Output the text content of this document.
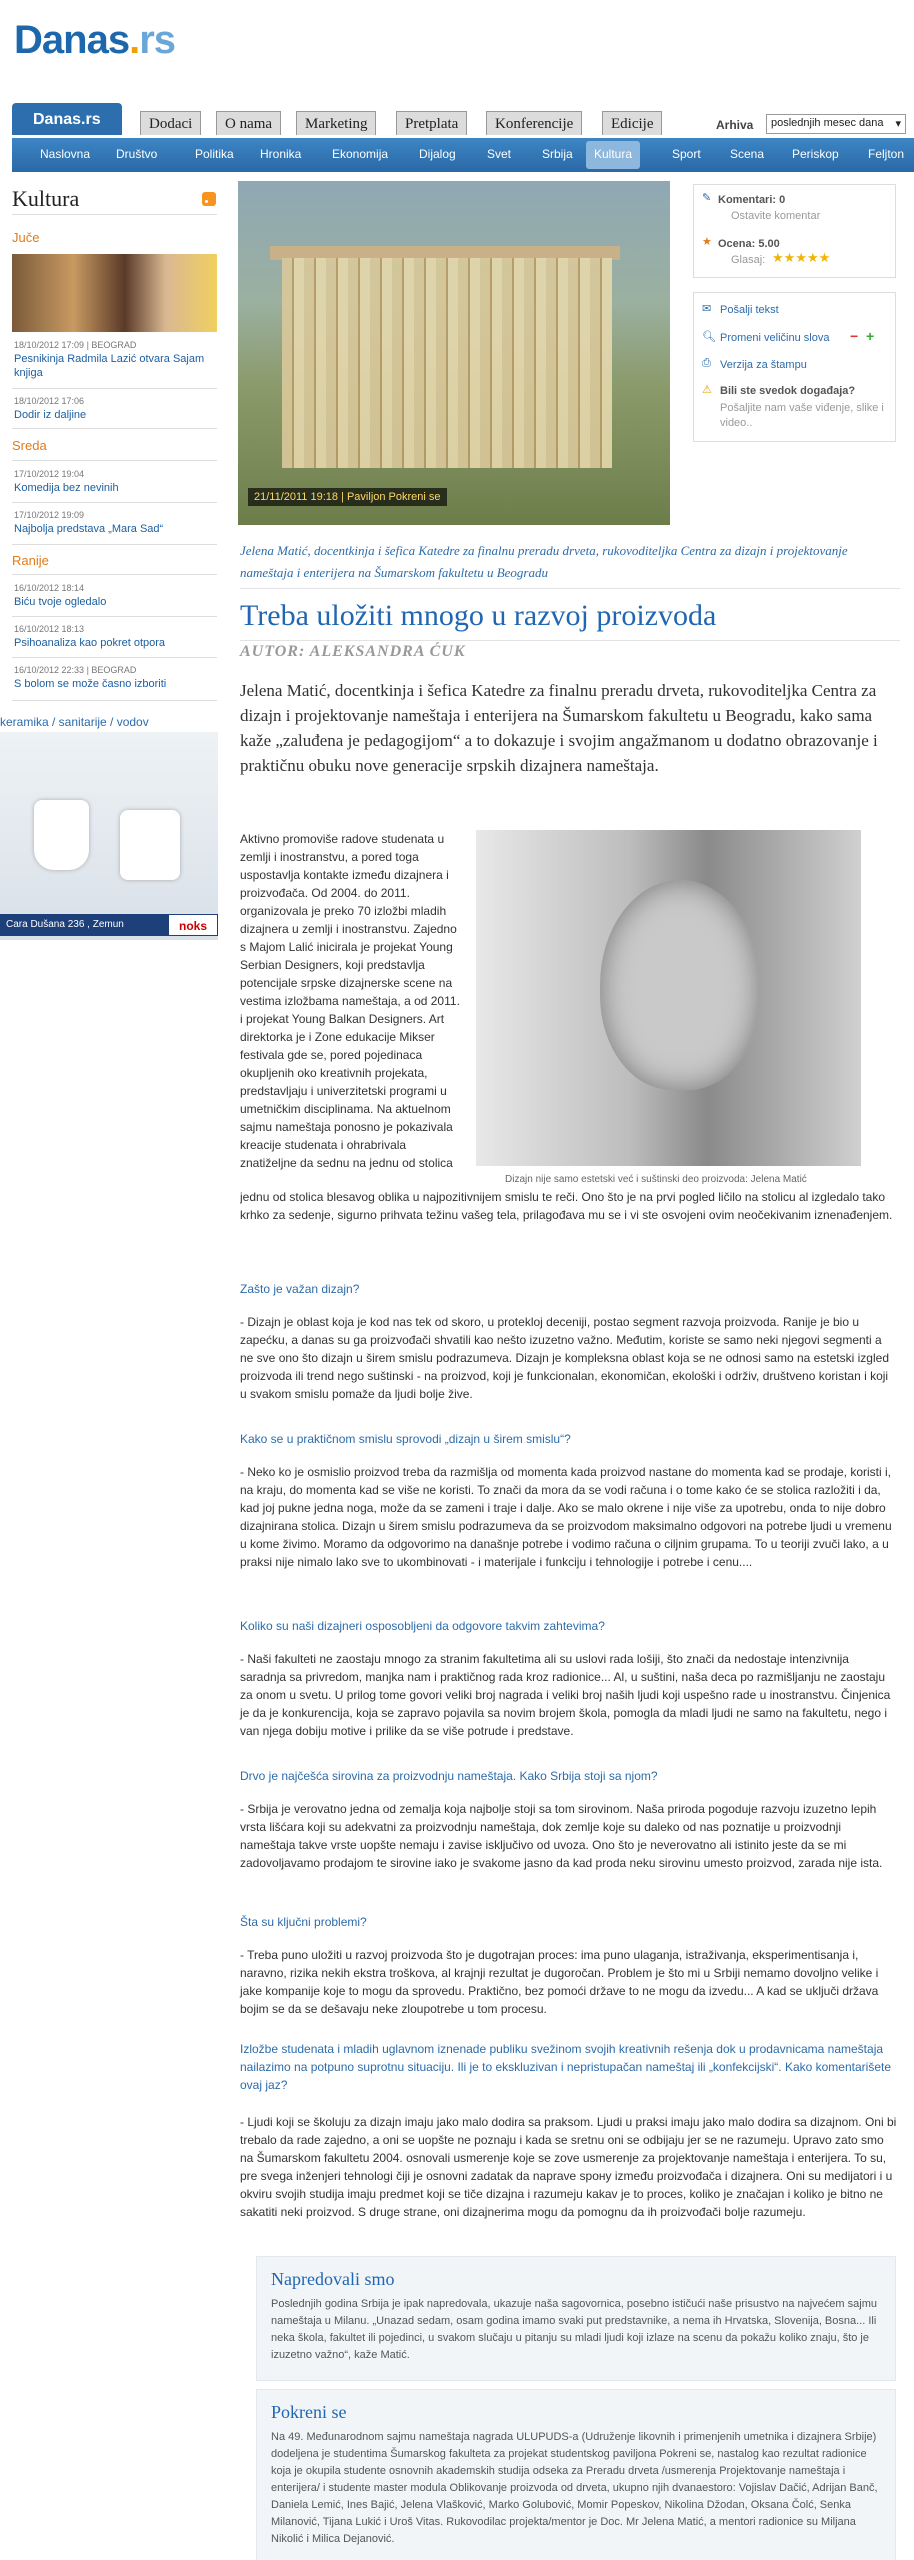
Danas.rs
Danas.rs	Dodaci	O nama	Marketing	Pretplata	Konferencije	Edicije	Arhiva	poslednjih mesec dana ▾
Naslovna Društvo	Politika Hronika	Ekonomija	Dijalog	Svet	Srbija	Kultura	Sport Scena Periskop Feljton
Kultura
Juče
18/10/2012 17:09 | BEOGRAD
Pesnikinja Radmila Lazić otvara Sajam knjiga
18/10/2012 17:06
Dodir iz daljine
Sreda
17/10/2012 19:04
Komedija bez nevinih
17/10/2012 19:09
Najbolja predstava „Mara Sad“
Ranije
16/10/2012 18:14
Biću tvoje ogledalo
16/10/2012 18:13
Psihoanaliza kao pokret otpora
16/10/2012 22:33 | BEOGRAD
S bolom se može časno izboriti
keramika / sanitarije / vodov
Cara Dušana 236 , Zemun	noks
21/11/2011 19:18 | Paviljon Pokreni se
✎ Komentari: 0
Ostavite komentar
★ Ocena: 5.00
Glasaj: ★★★★★
✉ Pošalji tekst
🔍︎ Promeni veličinu slova − +
⎙ Verzija za štampu
⚠ Bili ste svedok događaja?
Pošaljite nam vaše viđenje, slike i video..
Jelena Matić, docentkinja i šefica Katedre za finalnu preradu drveta, rukovoditeljka Centra za dizajn i projektovanje nameštaja i enterijera na Šumarskom fakultetu u Beogradu
Treba uložiti mnogo u razvoj proizvoda
AUTOR: ALEKSANDRA ĆUK
Jelena Matić, docentkinja i šefica Katedre za finalnu preradu drveta, rukovoditeljka Centra za dizajn i projektovanje nameštaja i enterijera na Šumarskom fakultetu u Beogradu, kako sama kaže „zaluđena je pedagogijom“ a to dokazuje i svojim angažmanom u dodatno obrazovanje i praktičnu obuku nove generacije srpskih dizajnera nameštaja.
Dizajn nije samo estetski već i suštinski deo proizvoda: Jelena Matić
Aktivno promoviše radove studenata u zemlji i inostranstvu, a pored toga uspostavlja kontakte između dizajnera i proizvođača. Od 2004. do 2011. organizovala je preko 70 izložbi mladih dizajnera u zemlji i inostranstvu. Zajedno s Majom Lalić inicirala je projekat Young Serbian Designers, koji predstavlja potencijale srpske dizajnerske scene na vestima izložbama nameštaja, a od 2011. i projekat Young Balkan Designers. Art direktorka je i Zone edukacije Mikser festivala gde se, pored pojedinaca okupljenih oko kreativnih projekata, predstavljaju i univerzitetski programi u umetničkim disciplinama. Na aktuelnom sajmu nameštaja ponosno je pokazivala kreacije studenata i ohrabrivala znatiželjne da sednu na jednu od stolica
jednu od stolica blesavog oblika u najpozitivnijem smislu te reči. Ono što je na prvi pogled ličilo na stolicu al izgledalo tako krhko za sedenje, sigurno prihvata težinu vašeg tela, prilagođava mu se i vi ste osvojeni ovim neočekivanim iznenađenjem.
Zašto je važan dizajn?
- Dizajn je oblast koja je kod nas tek od skoro, u protekloj deceniji, postao segment razvoja proizvoda. Ranije je bio u zapećku, a danas su ga proizvođači shvatili kao nešto izuzetno važno. Međutim, koriste se samo neki njegovi segmenti a ne sve ono što dizajn u širem smislu podrazumeva. Dizajn je kompleksna oblast koja se ne odnosi samo na estetski izgled proizvoda ili trend nego suštinski - na proizvod, koji je funkcionalan, ekonomičan, ekološki i održiv, društveno koristan i koji u svakom smislu pomaže da ljudi bolje žive.
Kako se u praktičnom smislu sprovodi „dizajn u širem smislu“?
- Neko ko je osmislio proizvod treba da razmišlja od momenta kada proizvod nastane do momenta kad se prodaje, koristi i, na kraju, do momenta kad se više ne koristi. To znači da mora da se vodi računa i o tome kako će se stolica razložiti i da, kad joj pukne jedna noga, može da se zameni i traje i dalje. Ako se malo okrene i nije više za upotrebu, onda to nije dobro dizajnirana stolica. Dizajn u širem smislu podrazumeva da se proizvodom maksimalno odgovori na potrebe ljudi u vremenu u kome živimo. Moramo da odgovorimo na današnje potrebe i vodimo računa o ciljnim grupama. To u teoriji zvuči lako, a u praksi nije nimalo lako sve to ukombinovati - i materijale i funkciju i tehnologije i potrebe i cenu....
Koliko su naši dizajneri osposobljeni da odgovore takvim zahtevima?
- Naši fakulteti ne zaostaju mnogo za stranim fakultetima ali su uslovi rada lošiji, što znači da nedostaje intenzivnija saradnja sa privredom, manjka nam i praktičnog rada kroz radionice... Al, u suštini, naša deca po razmišljanju ne zaostaju za onom u svetu. U prilog tome govori veliki broj nagrada i veliki broj naših ljudi koji uspešno rade u inostranstvu. Činjenica je da je konkurencija, koja se zapravo pojavila sa novim brojem škola, pomogla da mladi ljudi ne samo na fakultetu, nego i van njega dobiju motive i prilike da se više potrude i predstave.
Drvo je najčešća sirovina za proizvodnju nameštaja. Kako Srbija stoji sa njom?
- Srbija je verovatno jedna od zemalja koja najbolje stoji sa tom sirovinom. Naša priroda pogoduje razvoju izuzetno lepih vrsta lišćara koji su adekvatni za proizvodnju nameštaja, dok zemlje koje su daleko od nas poznatije u proizvodnji nameštaja takve vrste uopšte nemaju i zavise isključivo od uvoza. Ono što je neverovatno ali istinito jeste da se mi zadovoljavamo prodajom te sirovine iako je svakome jasno da kad proda neku sirovinu umesto proizvod, zarada nije ista.
Šta su ključni problemi?
- Treba puno uložiti u razvoj proizvoda što je dugotrajan proces: ima puno ulaganja, istraživanja, eksperimentisanja i, naravno, rizika nekih ekstra troškova, al krajnji rezultat je dugoročan. Problem je što mi u Srbiji nemamo dovoljno velike i jake kompanije koje to mogu da sprovedu. Praktično, bez pomoći države to ne mogu da izvedu... A kad se uključi država bojim se da se dešavaju neke zloupotrebe u tom procesu.
Izložbe studenata i mladih uglavnom iznenade publiku svežinom svojih kreativnih rešenja dok u prodavnicama nameštaja nailazimo na potpuno suprotnu situaciju. Ili je to ekskluzivan i nepristupačan nameštaj ili „konfekcijski“. Kako komentarišete ovaj jaz?
- Ljudi koji se školuju za dizajn imaju jako malo dodira sa praksom. Ljudi u praksi imaju jako malo dodira sa dizajnom. Oni bi trebalo da rade zajedno, a oni se uopšte ne poznaju i kada se sretnu oni se odbijaju jer se ne razumeju. Upravo zato smo na Šumarskom fakultetu 2004. osnovali usmerenje koje se zove usmerenje za projektovanje nameštaja i enterijera. To su, pre svega inženjeri tehnologi čiji je osnovni zadatak da naprave spону između proizvođača i dizajnera. Oni su medijatori i u okviru svojih studija imaju predmet koji se tiče dizajna i razumeju kakav je to proces, koliko je značajan i koliko je bitno ne sakatiti neki proizvod. S druge strane, oni dizajnerima mogu da pomognu da ih proizvođači bolje razumeju.
Napredovali smo

Poslednjih godina Srbija je ipak napredovala, ukazuje naša sagovornica, posebno ističući naše prisustvo na najvećem sajmu nameštaja u Milanu. „Unazad sedam, osam godina imamo svaki put predstavnike, a nema ih Hrvatska, Slovenija, Bosna... Ili neka škola, fakultet ili pojedinci, u svakom slučaju u pitanju su mladi ljudi koji izlaze na scenu da pokažu koliko znaju, što je izuzetno važno“, kaže Matić.

Pokreni se

Na 49. Međunarodnom sajmu nameštaja nagrada ULUPUDS-a (Udruženje likovnih i primenjenih umetnika i dizajnera Srbije) dodeljena je studentima Šumarskog fakulteta za projekat studentskog paviljona Pokreni se, nastalog kao rezultat radionice koja je okupila studente osnovnih akademskih studija odseka za Preradu drveta /usmerenja Projektovanje nameštaja i enterijera/ i studente master modula Oblikovanje proizvoda od drveta, ukupno njih dvanaestoro: Vojislav Dačić, Adrijan Banč, Daniela Lemić, Ines Bajić, Jelena Vlašković, Marko Golubović, Momir Popeskov, Nikolina Džodan, Oksana Čolć, Senka Milanović, Tijana Lukić i Uroš Vitas. Rukovodilac projekta/mentor je Doc. Mr Jelena Matić, a mentori radionice su Miljana Nikolić i Milica Dejanović.
